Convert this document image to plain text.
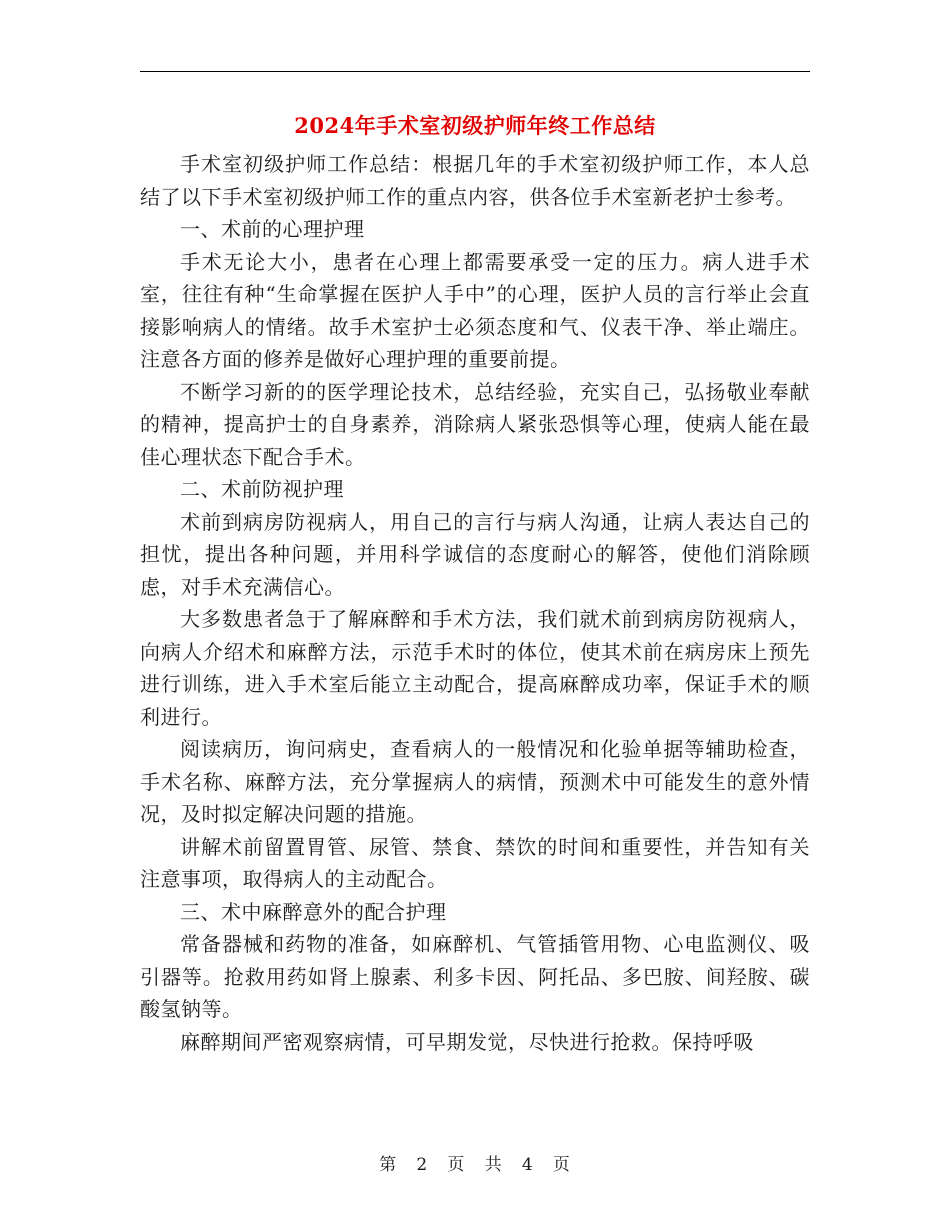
2024年手术室初级护师年终工作总结

手术室初级护师工作总结：根据几年的手术室初级护师工作，本人总结了以下手术室初级护师工作的重点内容，供各位手术室新老护士参考。

一、术前的心理护理

手术无论大小，患者在心理上都需要承受一定的压力。病人进手术室，往往有种“生命掌握在医护人手中”的心理，医护人员的言行举止会直接影响病人的情绪。故手术室护士必须态度和气、仪表干净、举止端庄。注意各方面的修养是做好心理护理的重要前提。

不断学习新的的医学理论技术，总结经验，充实自己，弘扬敬业奉献的精神，提高护士的自身素养，消除病人紧张恐惧等心理，使病人能在最佳心理状态下配合手术。

二、术前防视护理

术前到病房防视病人，用自己的言行与病人沟通，让病人表达自己的担忧，提出各种问题，并用科学诚信的态度耐心的解答，使他们消除顾虑，对手术充满信心。

大多数患者急于了解麻醉和手术方法，我们就术前到病房防视病人，向病人介绍术和麻醉方法，示范手术时的体位，使其术前在病房床上预先进行训练，进入手术室后能立主动配合，提高麻醉成功率，保证手术的顺利进行。

阅读病历，询问病史，查看病人的一般情况和化验单据等辅助检查，手术名称、麻醉方法，充分掌握病人的病情，预测术中可能发生的意外情况，及时拟定解决问题的措施。

讲解术前留置胃管、尿管、禁食、禁饮的时间和重要性，并告知有关注意事项，取得病人的主动配合。

三、术中麻醉意外的配合护理

常备器械和药物的准备，如麻醉机、气管插管用物、心电监测仪、吸引器等。抢救用药如肾上腺素、利多卡因、阿托品、多巴胺、间羟胺、碳酸氢钠等。

麻醉期间严密观察病情，可早期发觉，尽快进行抢救。保持呼吸

第 2 页 共 4 页
